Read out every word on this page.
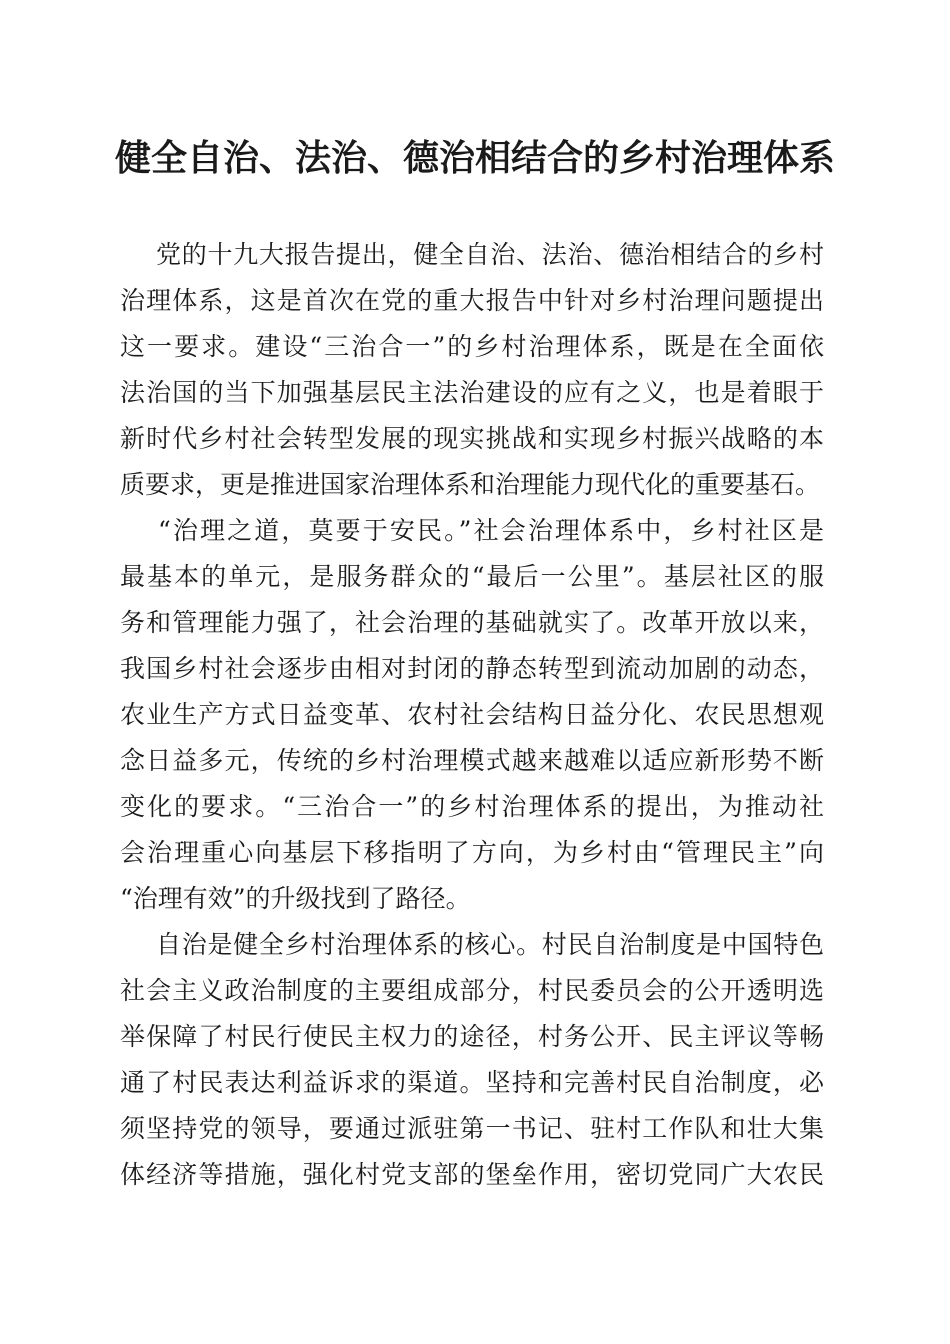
健全自治、法治、德治相结合的乡村治理体系
党的十九大报告提出，健全自治、法治、德治相结合的乡村
治理体系，这是首次在党的重大报告中针对乡村治理问题提出
这一要求。建设“三治合一”的乡村治理体系，既是在全面依
法治国的当下加强基层民主法治建设的应有之义，也是着眼于
新时代乡村社会转型发展的现实挑战和实现乡村振兴战略的本
质要求，更是推进国家治理体系和治理能力现代化的重要基石。
“治理之道，莫要于安民。”社会治理体系中，乡村社区是
最基本的单元，是服务群众的“最后一公里”。基层社区的服
务和管理能力强了，社会治理的基础就实了。改革开放以来，
我国乡村社会逐步由相对封闭的静态转型到流动加剧的动态，
农业生产方式日益变革、农村社会结构日益分化、农民思想观
念日益多元，传统的乡村治理模式越来越难以适应新形势不断
变化的要求。“三治合一”的乡村治理体系的提出，为推动社
会治理重心向基层下移指明了方向，为乡村由“管理民主”向
“治理有效”的升级找到了路径。
自治是健全乡村治理体系的核心。村民自治制度是中国特色
社会主义政治制度的主要组成部分，村民委员会的公开透明选
举保障了村民行使民主权力的途径，村务公开、民主评议等畅
通了村民表达利益诉求的渠道。坚持和完善村民自治制度，必
须坚持党的领导，要通过派驻第一书记、驻村工作队和壮大集
体经济等措施，强化村党支部的堡垒作用，密切党同广大农民
